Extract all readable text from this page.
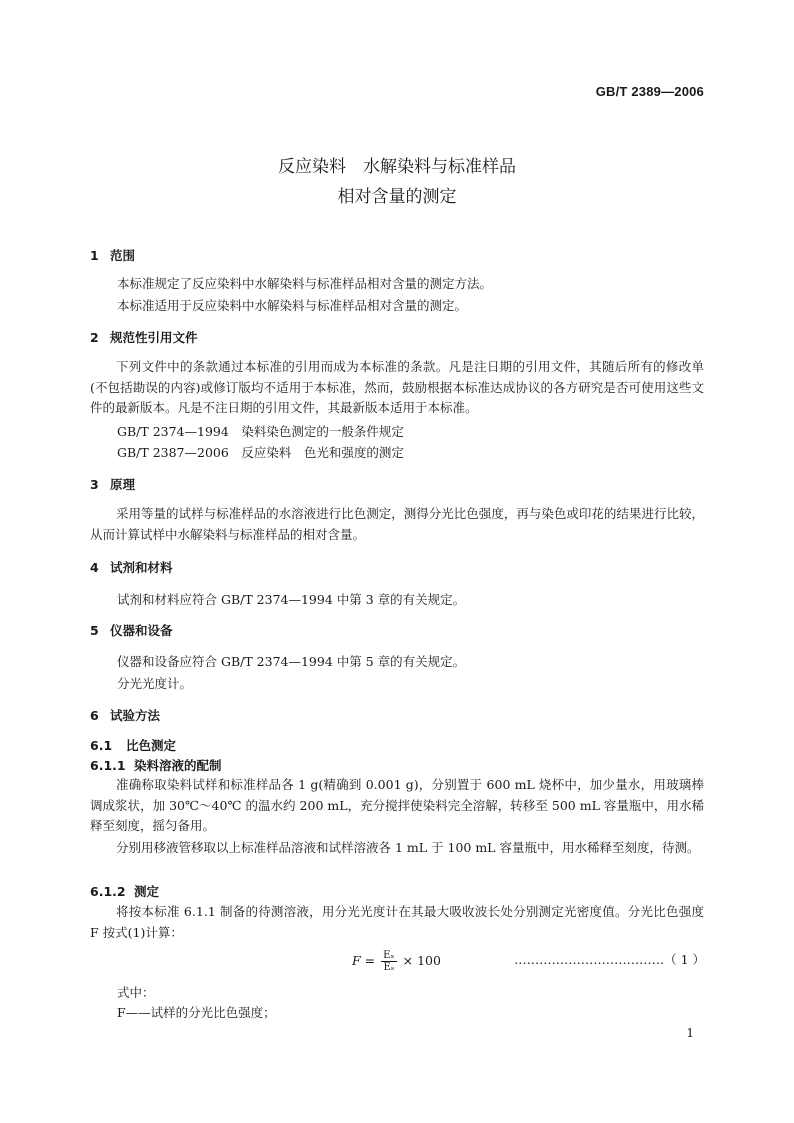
GB/T 2389—2006
反应染料　水解染料与标准样品
相对含量的测定
1 范围
本标准规定了反应染料中水解染料与标准样品相对含量的测定方法。
本标准适用于反应染料中水解染料与标准样品相对含量的测定。
2 规范性引用文件
下列文件中的条款通过本标准的引用而成为本标准的条款。凡是注日期的引用文件，其随后所有的修改单(不包括勘误的内容)或修订版均不适用于本标准，然而，鼓励根据本标准达成协议的各方研究是否可使用这些文件的最新版本。凡是不注日期的引用文件，其最新版本适用于本标准。
GB/T 2374—1994　染料染色测定的一般条件规定
GB/T 2387—2006　反应染料　色光和强度的测定
3 原理
采用等量的试样与标准样品的水溶液进行比色测定，测得分光比色强度，再与染色或印花的结果进行比较，从而计算试样中水解染料与标准样品的相对含量。
4 试剂和材料
试剂和材料应符合 GB/T 2374—1994 中第 3 章的有关规定。
5 仪器和设备
仪器和设备应符合 GB/T 2374—1994 中第 5 章的有关规定。
分光光度计。
6 试验方法
6.1 比色测定
6.1.1 染料溶液的配制
准确称取染料试样和标准样品各 1 g(精确到 0.001 g)，分别置于 600 mL 烧杯中，加少量水，用玻璃棒调成浆状，加 30℃～40℃ 的温水约 200 mL，充分搅拌使染料完全溶解，转移至 500 mL 容量瓶中，用水稀释至刻度，摇匀备用。
分别用移液管移取以上标准样品溶液和试样溶液各 1 mL 于 100 mL 容量瓶中，用水稀释至刻度，待测。
6.1.2 测定
将按本标准 6.1.1 制备的待测溶液，用分光光度计在其最大吸收波长处分别测定光密度值。分光比色强度 F 按式(1)计算：
$F = \frac{\text{Eₓ}}{\text{Eₛ}} \times 100$	………………………………（ 1 ）
式中：
F——试样的分光比色强度；
1
